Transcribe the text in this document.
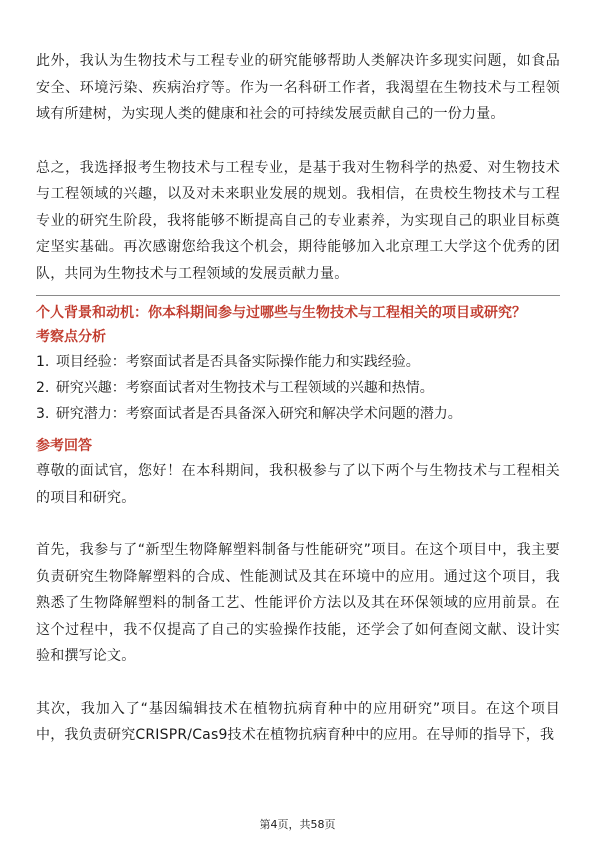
此外，我认为生物技术与工程专业的研究能够帮助人类解决许多现实问题，如食品安全、环境污染、疾病治疗等。作为一名科研工作者，我渴望在生物技术与工程领域有所建树，为实现人类的健康和社会的可持续发展贡献自己的一份力量。

总之，我选择报考生物技术与工程专业，是基于我对生物科学的热爱、对生物技术与工程领域的兴趣，以及对未来职业发展的规划。我相信，在贵校生物技术与工程专业的研究生阶段，我将能够不断提高自己的专业素养，为实现自己的职业目标奠定坚实基础。再次感谢您给我这个机会，期待能够加入北京理工大学这个优秀的团队，共同为生物技术与工程领域的发展贡献力量。

个人背景和动机：你本科期间参与过哪些与生物技术与工程相关的项目或研究？

考察点分析

1. 项目经验：考察面试者是否具备实际操作能力和实践经验。

2. 研究兴趣：考察面试者对生物技术与工程领域的兴趣和热情。

3. 研究潜力：考察面试者是否具备深入研究和解决学术问题的潜力。

参考回答

尊敬的面试官，您好！在本科期间，我积极参与了以下两个与生物技术与工程相关的项目和研究。

首先，我参与了“新型生物降解塑料制备与性能研究”项目。在这个项目中，我主要负责研究生物降解塑料的合成、性能测试及其在环境中的应用。通过这个项目，我熟悉了生物降解塑料的制备工艺、性能评价方法以及其在环保领域的应用前景。在这个过程中，我不仅提高了自己的实验操作技能，还学会了如何查阅文献、设计实验和撰写论文。

其次，我加入了“基因编辑技术在植物抗病育种中的应用研究”项目。在这个项目中，我负责研究CRISPR/Cas9技术在植物抗病育种中的应用。在导师的指导下，我

第4页，共58页
